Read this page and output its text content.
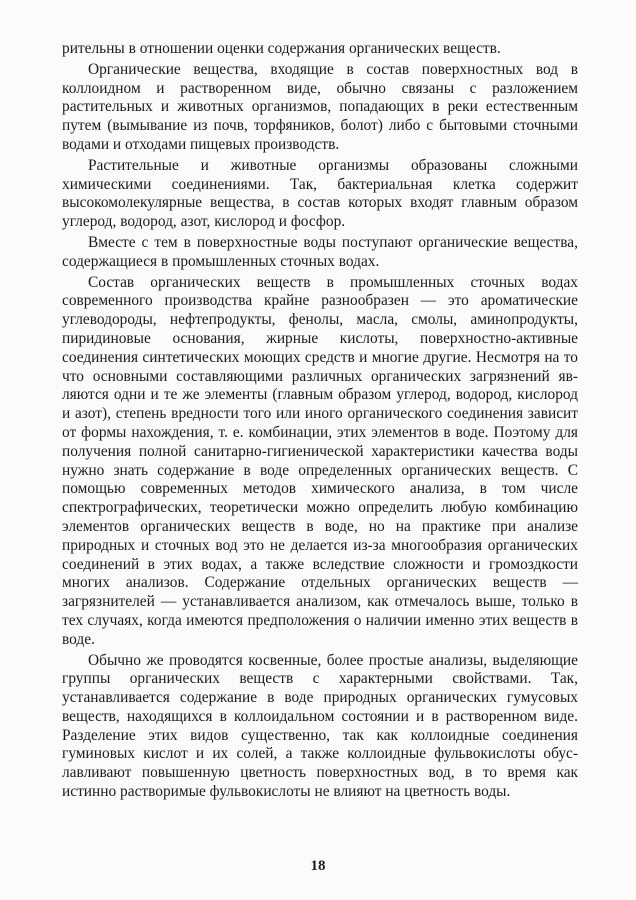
рительны в отношении оценки содержания органических веществ.

Органические вещества, входящие в состав поверхностных вод в коллоидном и растворенном виде, обычно связаны с разложением растительных и животных организмов, попадающих в реки естественным путем (вымывание из почв, торфяников, болот) либо с бытовыми сточными водами и отходами пищевых производств.

Растительные и животные организмы образованы сложными химическими соединениями. Так, бактериальная клетка содержит высокомолекулярные вещества, в состав которых входят главным образом углерод, водород, азот, кислород и фосфор.

Вместе с тем в поверхностные воды поступают органические вещества, содержащиеся в промышленных сточных водах.

Состав органических веществ в промышленных сточных водах современного производства крайне разнообразен — это ароматические углеводороды, нефтепродукты, фенолы, масла, смолы, аминопродукты, пиридиновые основания, жирные кислоты, поверхностно-активные соединения синтетических моющих средств и многие другие. Несмотря на то что основными составляющими различных органических загрязнений являются одни и те же элементы (главным образом углерод, водород, кислород и азот), степень вредности того или иного органического соединения зависит от формы нахождения, т. е. комбинации, этих элементов в воде. Поэтому для получения полной санитарно-гигиенической характеристики качества воды нужно знать содержание в воде определенных органических веществ. С помощью современных методов химического анализа, в том числе спектрографических, теоретически можно определить любую комбинацию элементов органических веществ в воде, но на практике при анализе природных и сточных вод это не делается из-за многообразия органических соединений в этих водах, а также вследствие сложности и громоздкости многих анализов. Содержание отдельных органических веществ — загрязнителей — устанавливается анализом, как отмечалось выше, только в тех случаях, когда имеются предположения о наличии именно этих веществ в воде.

Обычно же проводятся косвенные, более простые анализы, выделяющие группы органических веществ с характерными свойствами. Так, устанавливается содержание в воде природных органических гумусовых веществ, находящихся в коллоидальном состоянии и в растворенном виде. Разделение этих видов существенно, так как коллоидные соединения гуминовых кислот и их солей, а также коллоидные фульвокислоты обуславливают повышенную цветность поверхностных вод, в то время как истинно растворимые фульвокислоты не влияют на цветность воды.

18
